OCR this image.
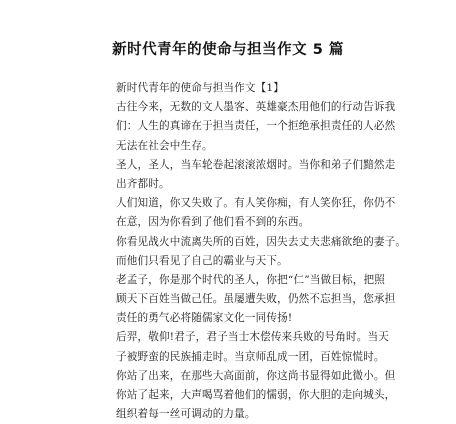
新时代青年的使命与担当作文 5 篇
新时代青年的使命与担当作文【1】
古往今来，无数的文人墨客、英雄豪杰用他们的行动告诉我
们：人生的真谛在于担当责任，一个拒绝承担责任的人必然
无法在社会中生存。
圣人，圣人，当车轮卷起滚滚浓烟时。当你和弟子们黯然走
出齐都时。
人们知道，你又失败了。有人笑你痴，有人笑你狂，你仍不
在意，因为你看到了他们看不到的东西。
你看见战火中流离失所的百姓，因失去丈夫悲痛欲绝的妻子。
而他们只看见了自己的霸业与天下。
老孟子，你是那个时代的圣人，你把“仁”当做目标，把照
顾天下百姓当做己任。虽屡遭失败，仍然不忘担当，您承担
责任的勇气必将随儒家文化一同传扬!
后羿，敬仰!君子，君子当士木偿传来兵败的号角时。当天
子被野蛮的民族捕走时。当京师乱成一团，百姓惊慌时。
你站了出来，在那些大高面前，你这尚书显得如此微小。但
你站了起来，大声喝骂着他们的懦弱，你大胆的走向城头，
组织着每一丝可调动的力量。
